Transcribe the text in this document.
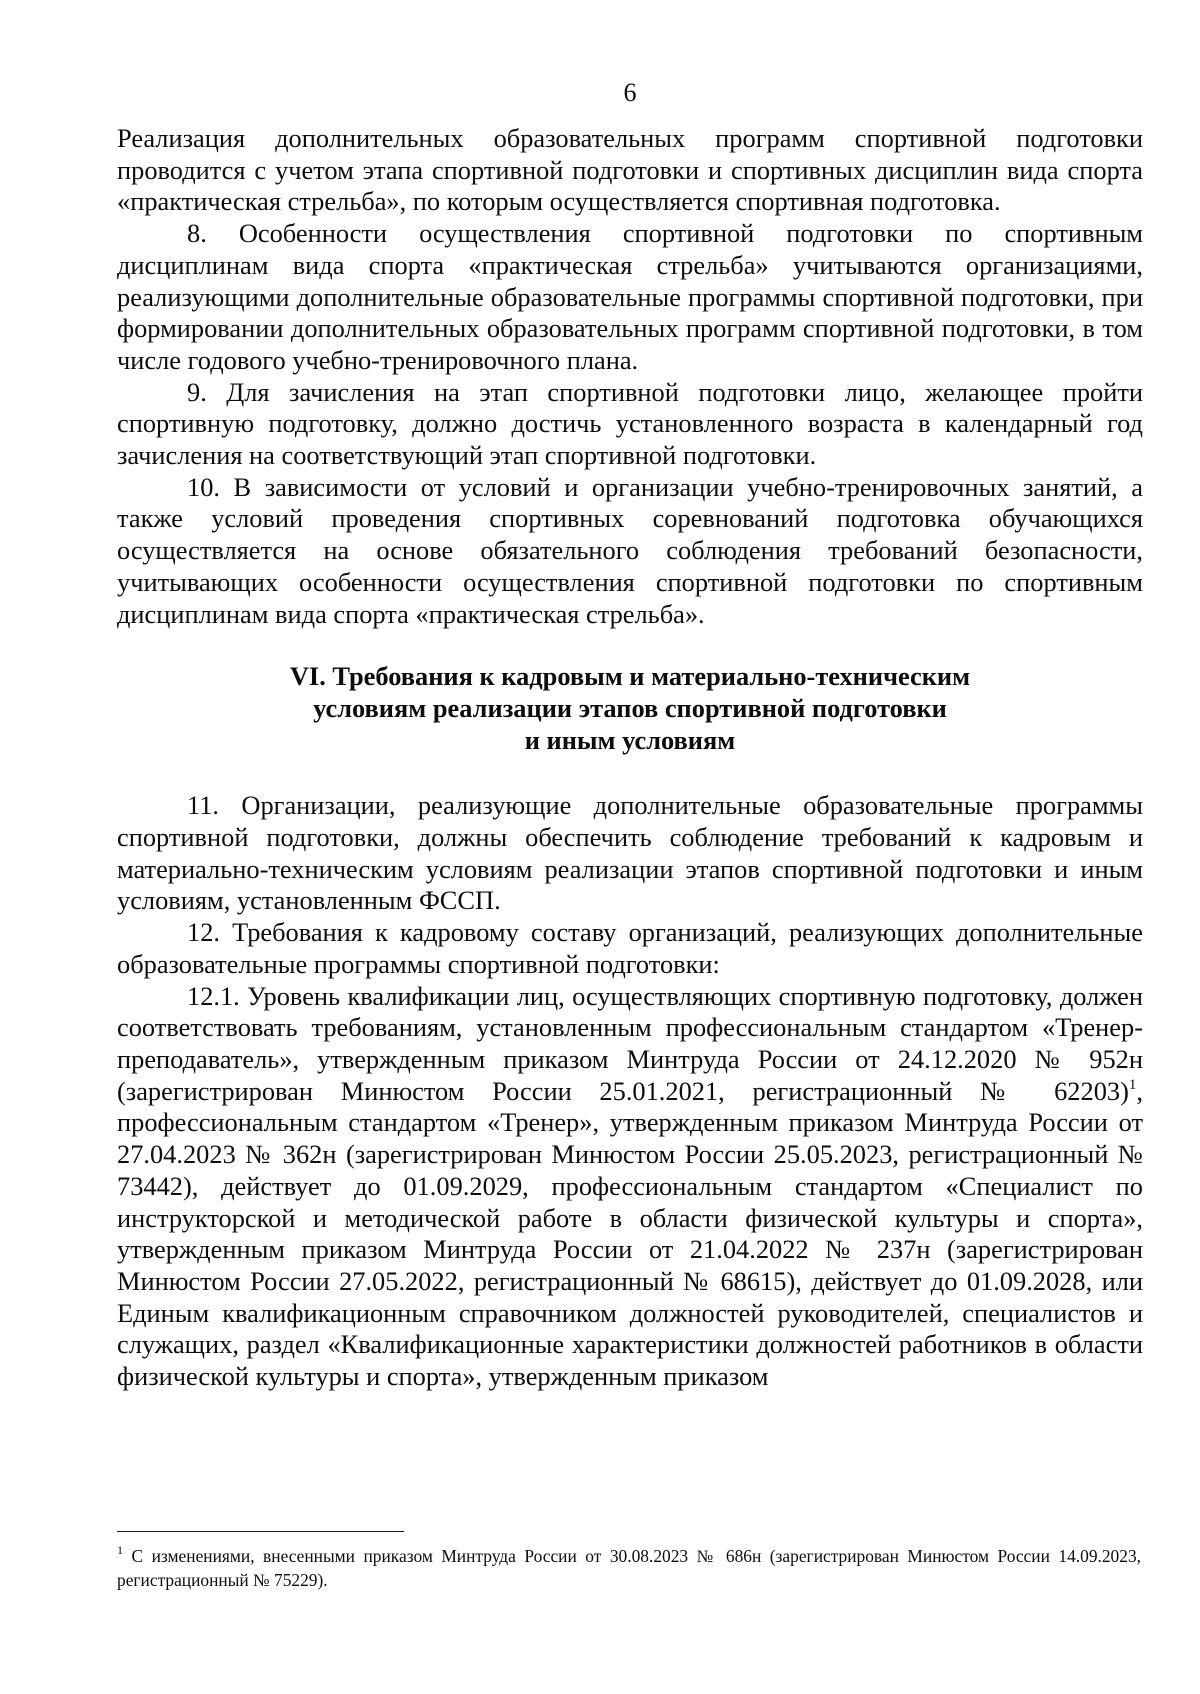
6

Реализация дополнительных образовательных программ спортивной подготовки проводится с учетом этапа спортивной подготовки и спортивных дисциплин вида спорта «практическая стрельба», по которым осуществляется спортивная подготовка.

8. Особенности осуществления спортивной подготовки по спортивным дисциплинам вида спорта «практическая стрельба» учитываются организациями, реализующими дополнительные образовательные программы спортивной подготовки, при формировании дополнительных образовательных программ спортивной подготовки, в том числе годового учебно-тренировочного плана.

9. Для зачисления на этап спортивной подготовки лицо, желающее пройти спортивную подготовку, должно достичь установленного возраста в календарный год зачисления на соответствующий этап спортивной подготовки.

10. В зависимости от условий и организации учебно-тренировочных занятий, а также условий проведения спортивных соревнований подготовка обучающихся осуществляется на основе обязательного соблюдения требований безопасности, учитывающих особенности осуществления спортивной подготовки по спортивным дисциплинам вида спорта «практическая стрельба».

VI. Требования к кадровым и материально-техническим
условиям реализации этапов спортивной подготовки
и иным условиям

11. Организации, реализующие дополнительные образовательные программы спортивной подготовки, должны обеспечить соблюдение требований к кадровым и материально-техническим условиям реализации этапов спортивной подготовки и иным условиям, установленным ФССП.

12. Требования к кадровому составу организаций, реализующих дополнительные образовательные программы спортивной подготовки:

12.1. Уровень квалификации лиц, осуществляющих спортивную подготовку, должен соответствовать требованиям, установленным профессиональным стандартом «Тренер-преподаватель», утвержденным приказом Минтруда России от 24.12.2020 № 952н (зарегистрирован Минюстом России 25.01.2021, регистрационный № 62203)$^1$, профессиональным стандартом «Тренер», утвержденным приказом Минтруда России от 27.04.2023 № 362н (зарегистрирован Минюстом России 25.05.2023, регистрационный № 73442), действует до 01.09.2029, профессиональным стандартом «Специалист по инструкторской и методической работе в области физической культуры и спорта», утвержденным приказом Минтруда России от 21.04.2022 № 237н (зарегистрирован Минюстом России 27.05.2022, регистрационный № 68615), действует до 01.09.2028, или Единым квалификационным справочником должностей руководителей, специалистов и служащих, раздел «Квалификационные характеристики должностей работников в области физической культуры и спорта», утвержденным приказом

$^1$ С изменениями, внесенными приказом Минтруда России от 30.08.2023 № 686н (зарегистрирован Минюстом России 14.09.2023, регистрационный № 75229).
